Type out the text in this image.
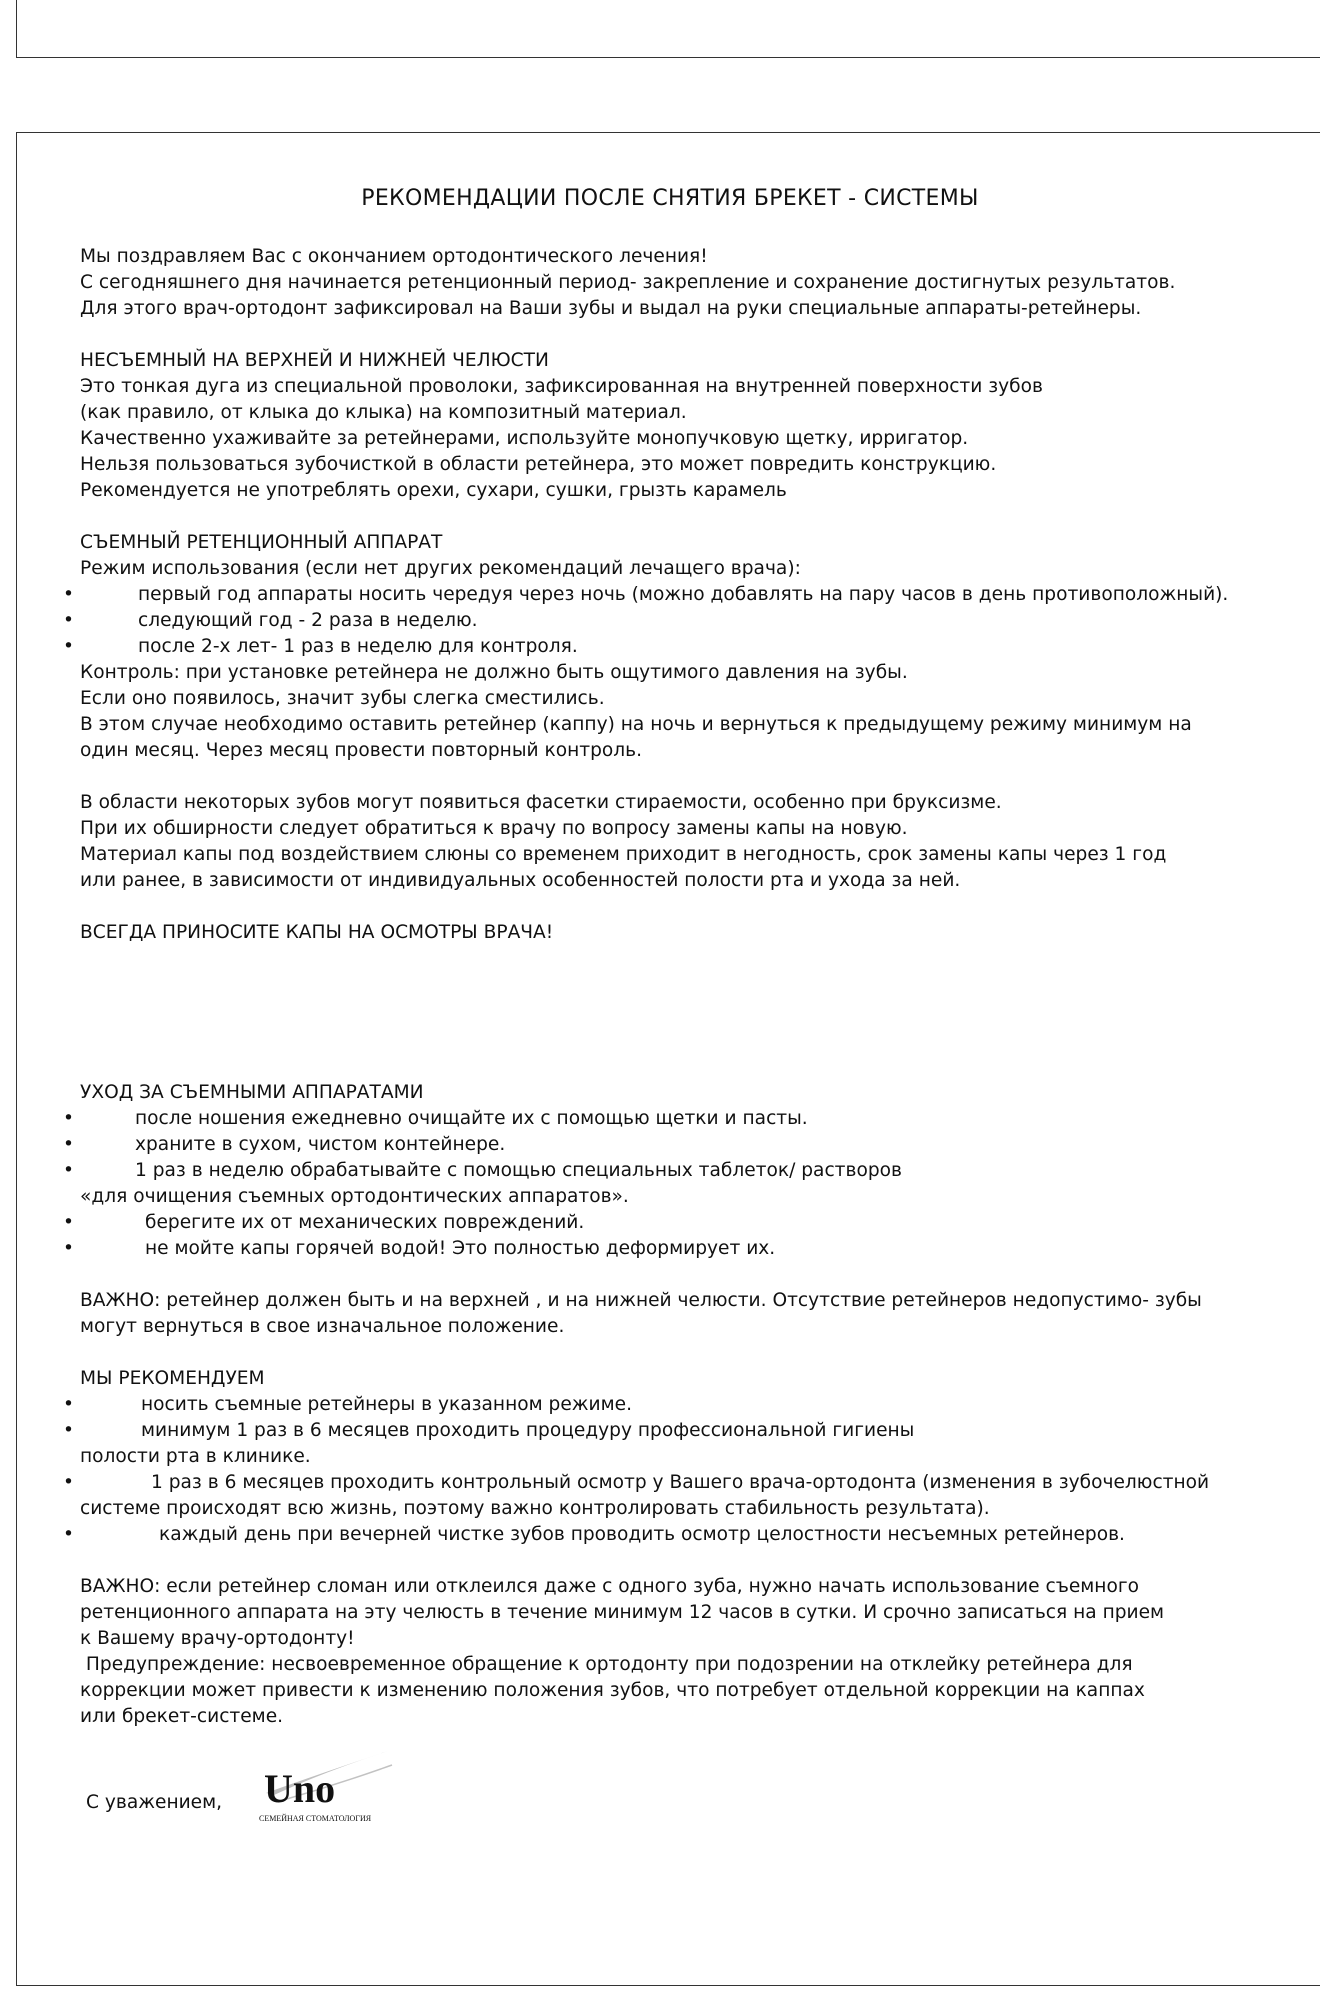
РЕКОМЕНДАЦИИ ПОСЛЕ СНЯТИЯ БРЕКЕТ - СИСТЕМЫ

Мы поздравляем Вас с окончанием ортодонтического лечения!

С сегодняшнего дня начинается ретенционный период- закрепление и сохранение достигнутых результатов.

Для этого врач-ортодонт зафиксировал на Ваши зубы и выдал на руки специальные аппараты-ретейнеры.

НЕСЪЕМНЫЙ НА ВЕРХНЕЙ И НИЖНЕЙ ЧЕЛЮСТИ

Это тонкая дуга из специальной проволоки, зафиксированная на внутренней поверхности зубов

(как правило, от клыка до клыка) на композитный материал.

Качественно ухаживайте за ретейнерами, используйте монопучковую щетку, ирригатор.

Нельзя пользоваться зубочисткой в области ретейнера, это может повредить конструкцию.

Рекомендуется не употреблять орехи, сухари, сушки, грызть карамель

СЪЕМНЫЙ РЕТЕНЦИОННЫЙ АППАРАТ

Режим использования (если нет других рекомендаций лечащего врача):

• первый год аппараты носить чередуя через ночь (можно добавлять на пару часов в день противоположный).
• следующий год - 2 раза в неделю.
• после 2-х лет- 1 раз в неделю для контроля.

Контроль: при установке ретейнера не должно быть ощутимого давления на зубы.

Если оно появилось, значит зубы слегка сместились.

В этом случае необходимо оставить ретейнер (каппу) на ночь и вернуться к предыдущему режиму минимум на

один месяц. Через месяц провести повторный контроль.

В области некоторых зубов могут появиться фасетки стираемости, особенно при бруксизме.

При их обширности следует обратиться к врачу по вопросу замены капы на новую.

Материал капы под воздействием слюны со временем приходит в негодность, срок замены капы через 1 год

или ранее, в зависимости от индивидуальных особенностей полости рта и ухода за ней.

ВСЕГДА ПРИНОСИТЕ КАПЫ НА ОСМОТРЫ ВРАЧА!

УХОД ЗА СЪЕМНЫМИ АППАРАТАМИ

• после ношения ежедневно очищайте их с помощью щетки и пасты.
• храните в сухом, чистом контейнере.
• 1 раз в неделю обрабатывайте с помощью специальных таблеток/ растворов

«для очищения съемных ортодонтических аппаратов».

• берегите их от механических повреждений.
• не мойте капы горячей водой! Это полностью деформирует их.

ВАЖНО: ретейнер должен быть и на верхней , и на нижней челюсти. Отсутствие ретейнеров недопустимо- зубы

могут вернуться в свое изначальное положение.

МЫ РЕКОМЕНДУЕМ

• носить съемные ретейнеры в указанном режиме.
• минимум 1 раз в 6 месяцев проходить процедуру профессиональной гигиены

полости рта в клинике.

• 1 раз в 6 месяцев проходить контрольный осмотр у Вашего врача-ортодонта (изменения в зубочелюстной

системе происходят всю жизнь, поэтому важно контролировать стабильность результата).

• каждый день при вечерней чистке зубов проводить осмотр целостности несъемных ретейнеров.

ВАЖНО: если ретейнер сломан или отклеился даже с одного зуба, нужно начать использование съемного

ретенционного аппарата на эту челюсть в течение минимум 12 часов в сутки. И срочно записаться на прием

к Вашему врачу-ортодонту!

Предупреждение: несвоевременное обращение к ортодонту при подозрении на отклейку ретейнера для

коррекции может привести к изменению положения зубов, что потребует отдельной коррекции на каппах

или брекет-системе.

С уважением, Uno
СЕМЕЙНАЯ СТОМАТОЛОГИЯ
